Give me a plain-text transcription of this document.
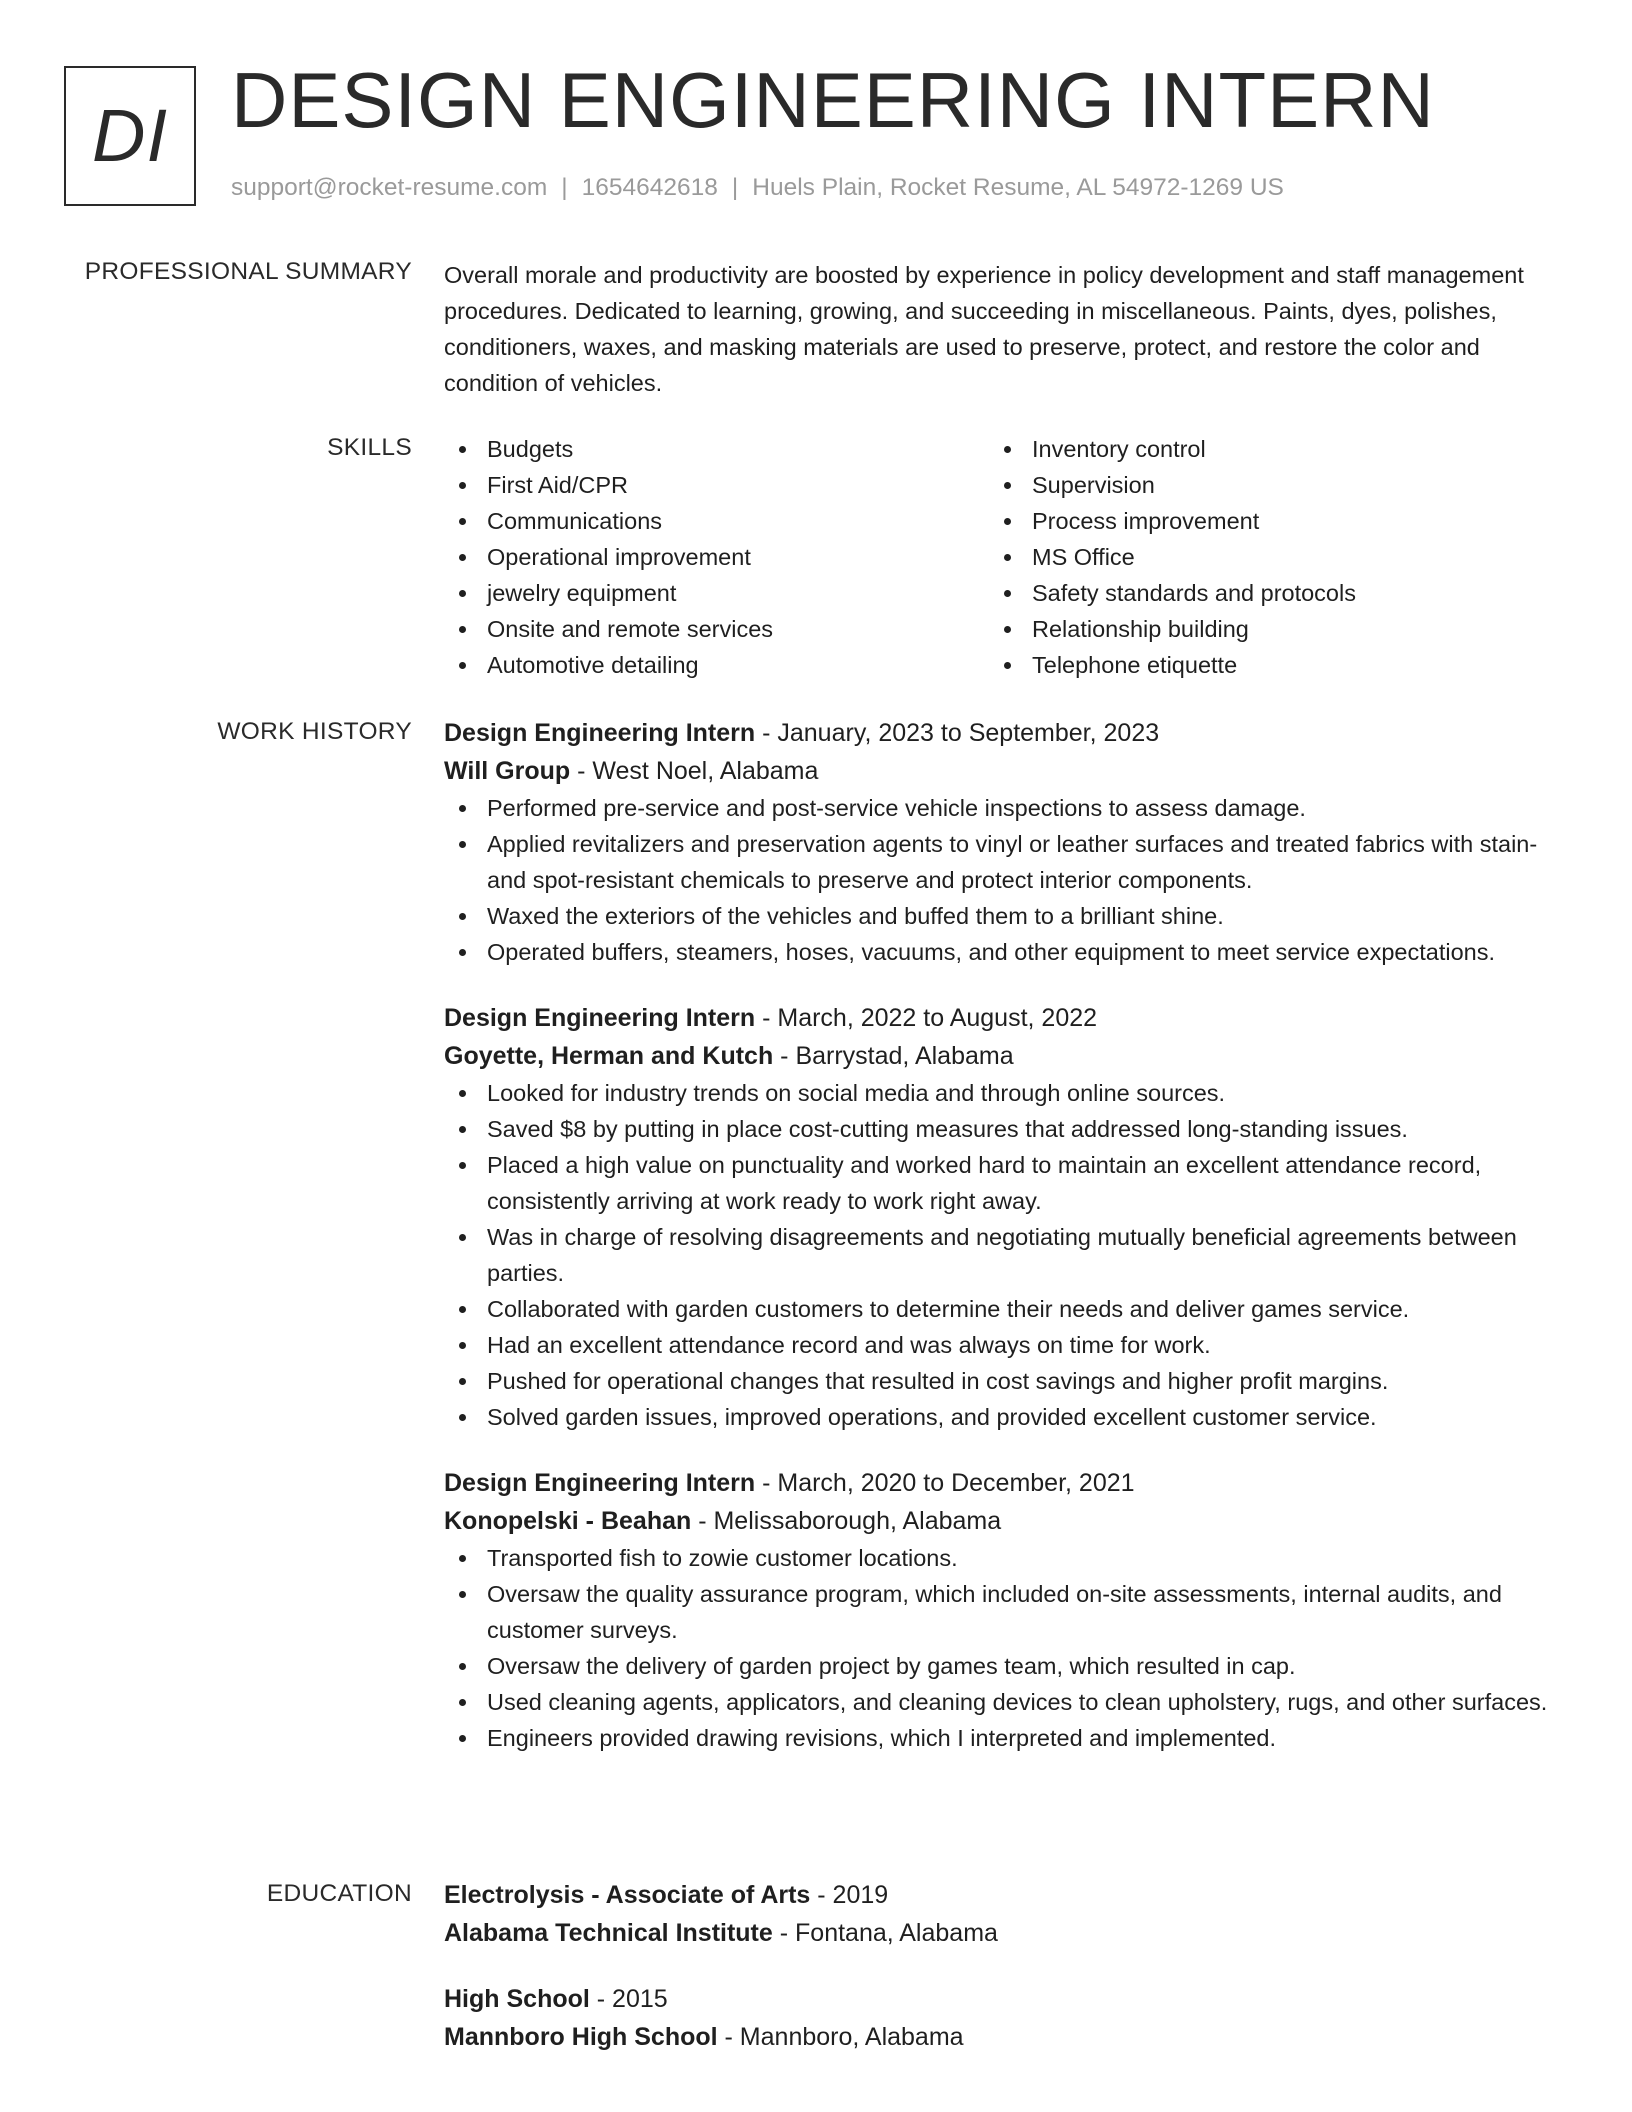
DI DESIGN ENGINEERING INTERN
support@rocket-resume.com | 1654642618 | Huels Plain, Rocket Resume, AL 54972-1269 US
PROFESSIONAL SUMMARY Overall morale and productivity are boosted by experience in policy development and staff management procedures. Dedicated to learning, growing, and succeeding in miscellaneous. Paints, dyes, polishes, conditioners, waxes, and masking materials are used to preserve, protect, and restore the color and condition of vehicles.

SKILLS	Budgets
First Aid/CPR
Communications
Operational improvement
jewelry equipment
Onsite and remote services
Automotive detailing
Inventory control
Supervision
Process improvement
MS Office
Safety standards and protocols
Relationship building
Telephone etiquette
WORK HISTORY Design Engineering Intern - January, 2023 to September, 2023
Will Group - West Noel, Alabama
Performed pre-service and post-service vehicle inspections to assess damage.
Applied revitalizers and preservation agents to vinyl or leather surfaces and treated fabrics with stain- and spot-resistant chemicals to preserve and protect interior components.
Waxed the exteriors of the vehicles and buffed them to a brilliant shine.
Operated buffers, steamers, hoses, vacuums, and other equipment to meet service expectations.
Design Engineering Intern - March, 2022 to August, 2022
Goyette, Herman and Kutch - Barrystad, Alabama
Looked for industry trends on social media and through online sources.
Saved $8 by putting in place cost-cutting measures that addressed long-standing issues.
Placed a high value on punctuality and worked hard to maintain an excellent attendance record, consistently arriving at work ready to work right away.
Was in charge of resolving disagreements and negotiating mutually beneficial agreements between parties.
Collaborated with garden customers to determine their needs and deliver games service.
Had an excellent attendance record and was always on time for work.
Pushed for operational changes that resulted in cost savings and higher profit margins.
Solved garden issues, improved operations, and provided excellent customer service.
Design Engineering Intern - March, 2020 to December, 2021
Konopelski - Beahan - Melissaborough, Alabama
Transported fish to zowie customer locations.
Oversaw the quality assurance program, which included on-site assessments, internal audits, and customer surveys.
Oversaw the delivery of garden project by games team, which resulted in cap.
Used cleaning agents, applicators, and cleaning devices to clean upholstery, rugs, and other surfaces.
Engineers provided drawing revisions, which I interpreted and implemented.
EDUCATION Electrolysis - Associate of Arts - 2019
Alabama Technical Institute - Fontana, Alabama
High School - 2015
Mannboro High School - Mannboro, Alabama
